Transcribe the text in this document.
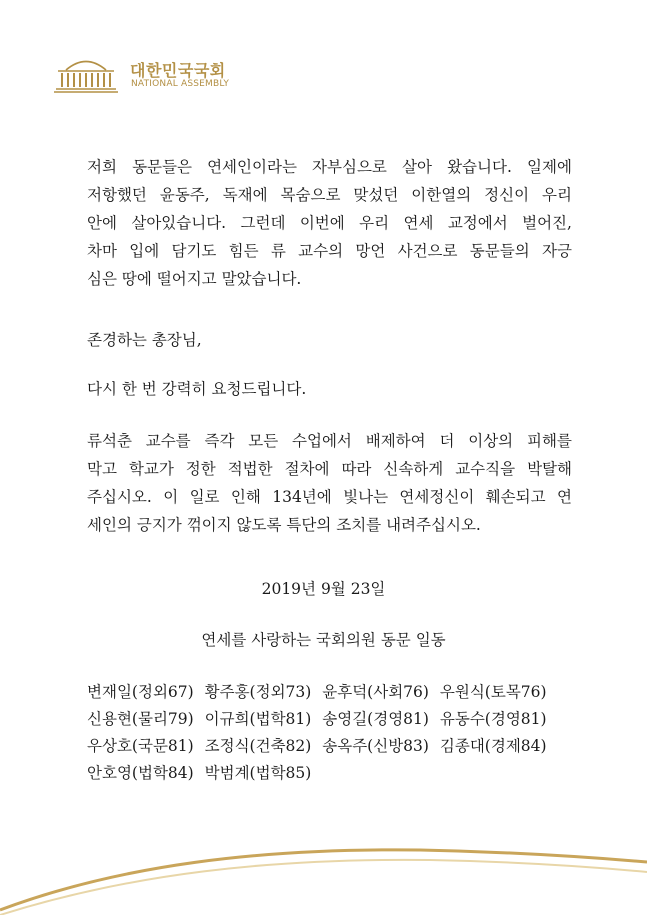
대한민국국회
NATIONAL ASSEMBLY
저희 동문들은 연세인이라는 자부심으로 살아 왔습니다. 일제에
저항했던 윤동주, 독재에 목숨으로 맞섰던 이한열의 정신이 우리
안에 살아있습니다. 그런데 이번에 우리 연세 교정에서 벌어진,
차마 입에 담기도 힘든 류 교수의 망언 사건으로 동문들의 자긍
심은 땅에 떨어지고 말았습니다.
존경하는 총장님,
다시 한 번 강력히 요청드립니다.
류석춘 교수를 즉각 모든 수업에서 배제하여 더 이상의 피해를
막고 학교가 정한 적법한 절차에 따라 신속하게 교수직을 박탈해
주십시오. 이 일로 인해 134년에 빛나는 연세정신이 훼손되고 연
세인의 긍지가 꺾이지 않도록 특단의 조치를 내려주십시오.
2019년 9월 23일
연세를 사랑하는 국회의원 동문 일동
변재일(정외67) 황주홍(정외73) 윤후덕(사회76) 우원식(토목76)
신용현(물리79) 이규희(법학81) 송영길(경영81) 유동수(경영81)
우상호(국문81) 조정식(건축82) 송옥주(신방83) 김종대(경제84)
안호영(법학84) 박범계(법학85)
